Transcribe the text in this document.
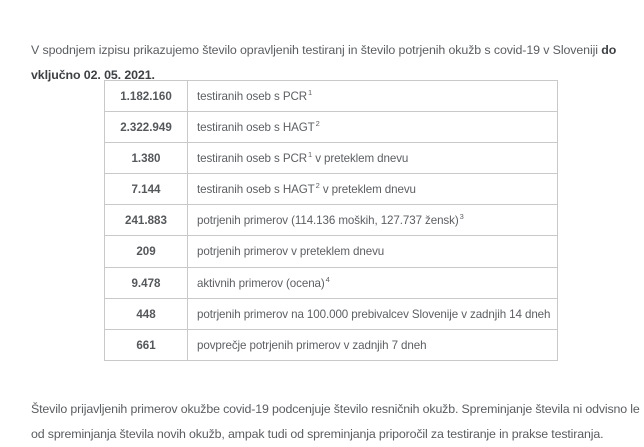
V spodnjem izpisu prikazujemo število opravljenih testiranj in število potrjenih okužb s covid-19 v Sloveniji do vključno 02. 05. 2021.

1.182.160	testiranih oseb s PCR$^1$
2.322.949	testiranih oseb s HAGT$^2$
1.380	testiranih oseb s PCR$^1$ v preteklem dnevu
7.144	testiranih oseb s HAGT$^2$ v preteklem dnevu
241.883	potrjenih primerov (114.136 moških, 127.737 žensk)$^3$
209	potrjenih primerov v preteklem dnevu
9.478	aktivnih primerov (ocena)$^4$
448	potrjenih primerov na 100.000 prebivalcev Slovenije v zadnjih 14 dneh
661	povprečje potrjenih primerov v zadnjih 7 dneh

Število prijavljenih primerov okužbe covid-19 podcenjuje število resničnih okužb. Spreminjanje števila ni odvisno le od spreminjanja števila novih okužb, ampak tudi od spreminjanja priporočil za testiranje in prakse testiranja.
